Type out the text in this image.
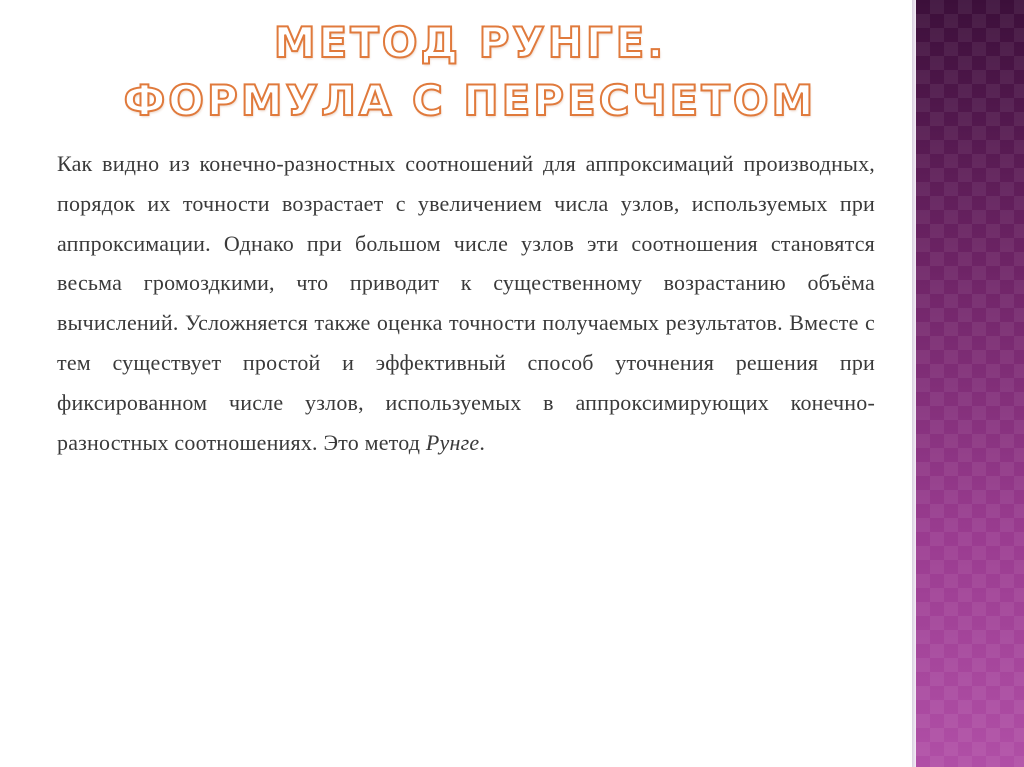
МЕТОД РУНГЕ.
ФОРМУЛА С ПЕРЕСЧЕТОМ

Как видно из конечно-разностных соотношений для аппроксимаций производных, порядок их точности возрастает с увеличением числа узлов, используемых при аппроксимации. Однако при большом числе узлов эти соотношения становятся весьма громоздкими, что приводит к существенному возрастанию объёма вычислений. Усложняется также оценка точности получаемых результатов. Вместе с тем существует простой и эффективный способ уточнения решения при фиксированном числе узлов, используемых в аппроксимирующих конечно-разностных соотношениях. Это метод Рунге.
